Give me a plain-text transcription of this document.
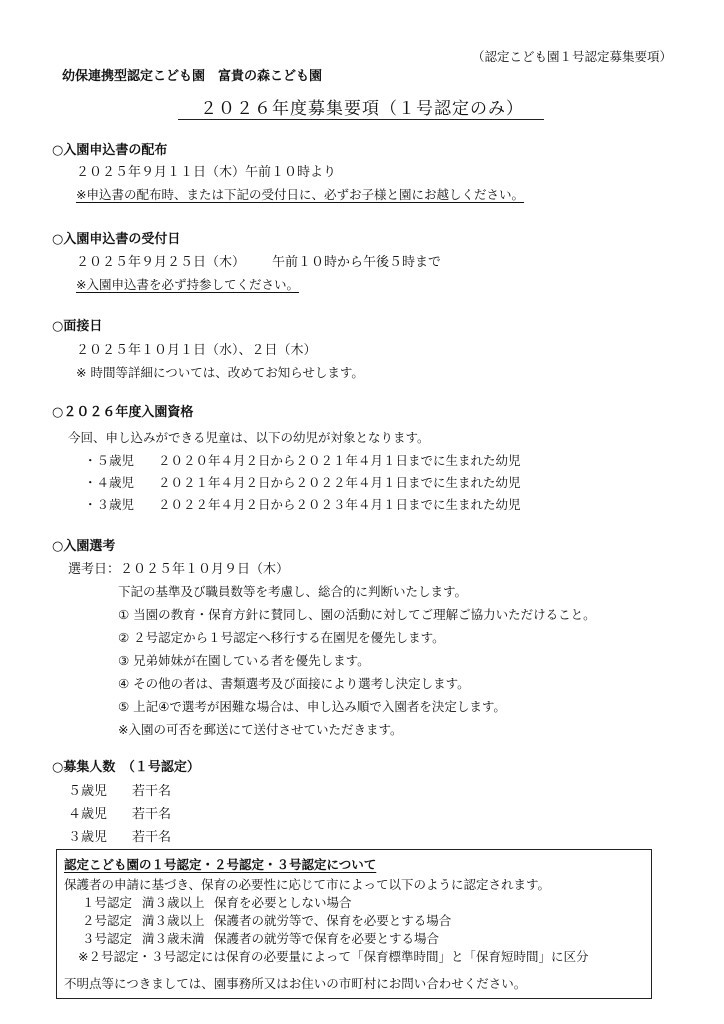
（認定こども園１号認定募集要項）
幼保連携型認定こども園　富貴の森こども園
２０２６年度募集要項（１号認定のみ）
○入園申込書の配布
２０２５年９月１１日（木）午前１０時より
※申込書の配布時、または下記の受付日に、必ずお子様と園にお越しください。
○入園申込書の受付日
２０２５年９月２５日（木） 午前１０時から午後５時まで
※入園申込書を必ず持参してください。
○面接日
２０２５年１０月１日（水）、２日（木）
※ 時間等詳細については、改めてお知らせします。
○２０２６年度入園資格
今回、申し込みができる児童は、以下の幼児が対象となります。
・５歳児 ２０２０年４月２日から２０２１年４月１日までに生まれた幼児
・４歳児 ２０２１年４月２日から２０２２年４月１日までに生まれた幼児
・３歳児 ２０２２年４月２日から２０２３年４月１日までに生まれた幼児
○入園選考
選考日：２０２５年１０月９日（木）
下記の基準及び職員数等を考慮し、総合的に判断いたします。
① 当園の教育・保育方針に賛同し、園の活動に対してご理解ご協力いただけること。
② ２号認定から１号認定へ移行する在園児を優先します。
③ 兄弟姉妹が在園している者を優先します。
④ その他の者は、書類選考及び面接により選考し決定します。
⑤ 上記④で選考が困難な場合は、申し込み順で入園者を決定します。
※入園の可否を郵送にて送付させていただきます。
○募集人数　（１号認定）
５歳児 若干名
４歳児 若干名
３歳児 若干名
認定こども園の１号認定・２号認定・３号認定について
保護者の申請に基づき、保育の必要性に応じて市によって以下のように認定されます。
１号認定 満３歳以上 保育を必要としない場合
２号認定 満３歳以上 保護者の就労等で、保育を必要とする場合
３号認定 満３歳未満 保護者の就労等で保育を必要とする場合
※２号認定・３号認定には保育の必要量によって「保育標準時間」と「保育短時間」に区分
不明点等につきましては、園事務所又はお住いの市町村にお問い合わせください。
